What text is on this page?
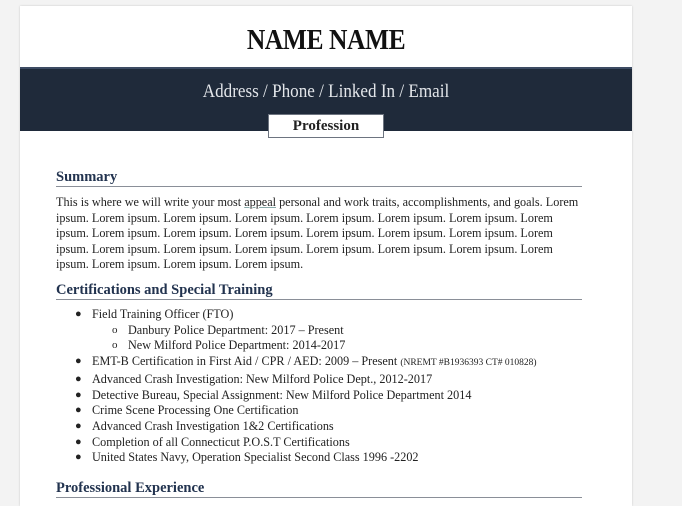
NAME NAME
Address / Phone / Linked In / Email
Profession
Summary
This is where we will write your most appeal personal and work traits, accomplishments, and goals. Lorem ipsum. Lorem ipsum. Lorem ipsum. Lorem ipsum. Lorem ipsum. Lorem ipsum. Lorem ipsum. Lorem ipsum. Lorem ipsum. Lorem ipsum. Lorem ipsum. Lorem ipsum. Lorem ipsum. Lorem ipsum. Lorem ipsum. Lorem ipsum. Lorem ipsum. Lorem ipsum. Lorem ipsum. Lorem ipsum. Lorem ipsum. Lorem ipsum. Lorem ipsum. Lorem ipsum. Lorem ipsum.
Certifications and Special Training
● Field Training Officer (FTO)
o Danbury Police Department: 2017 – Present
o New Milford Police Department: 2014-2017
● EMT-B Certification in First Aid / CPR / AED: 2009 – Present (NREMT #B1936393 CT# 010828)
● Advanced Crash Investigation: New Milford Police Dept., 2012-2017
● Detective Bureau, Special Assignment: New Milford Police Department 2014
● Crime Scene Processing One Certification
● Advanced Crash Investigation 1&2 Certifications
● Completion of all Connecticut P.O.S.T Certifications
● United States Navy, Operation Specialist Second Class 1996 -2202
Professional Experience
